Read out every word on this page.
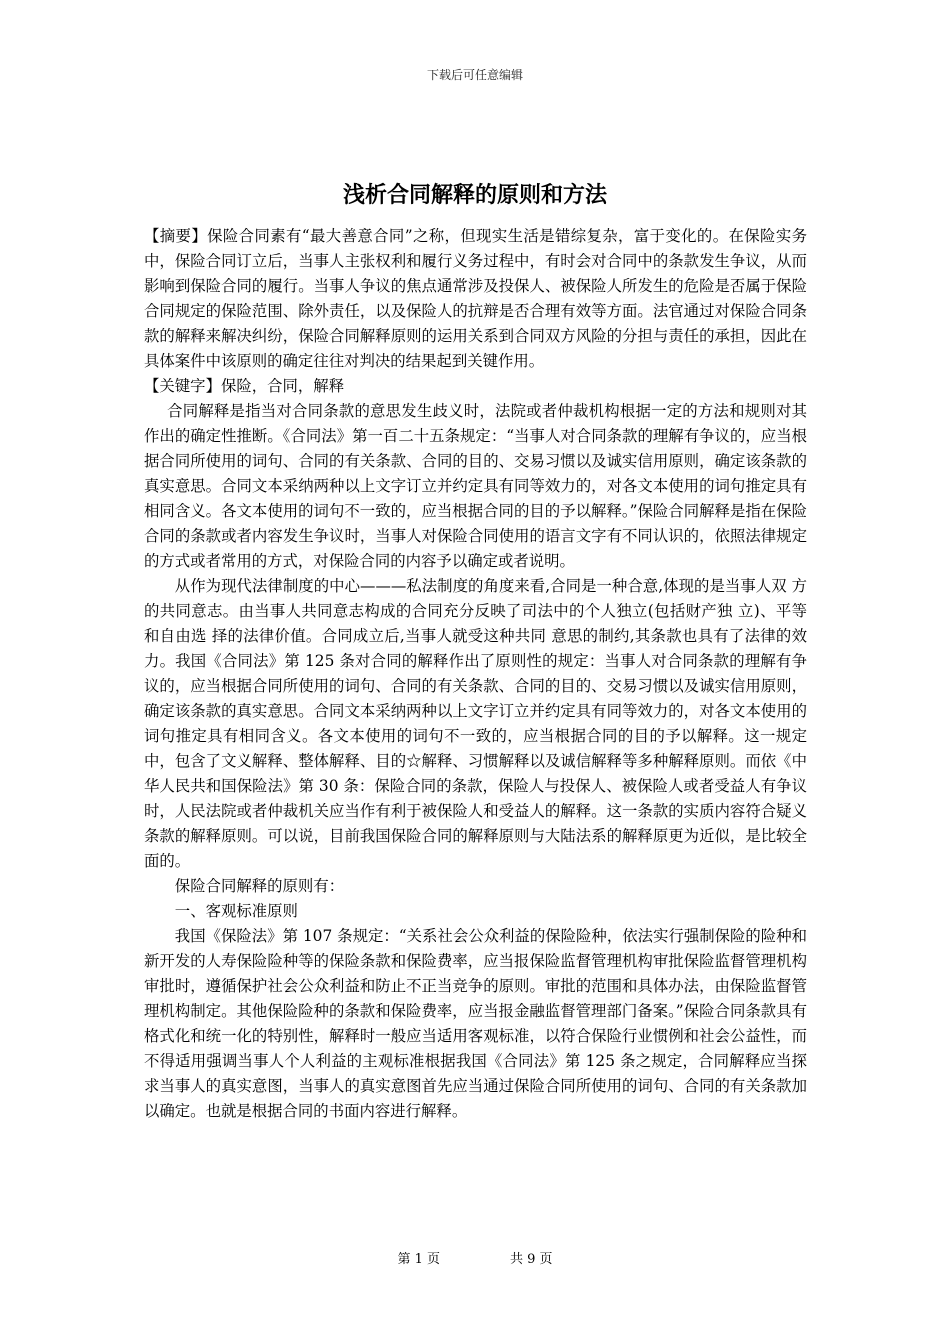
下载后可任意编辑
浅析合同解释的原则和方法

【摘要】保险合同素有“最大善意合同”之称，但现实生活是错综复杂，富于变化的。在保险实务中，保险合同订立后，当事人主张权利和履行义务过程中，有时会对合同中的条款发生争议，从而影响到保险合同的履行。当事人争议的焦点通常涉及投保人、被保险人所发生的危险是否属于保险合同规定的保险范围、除外责任，以及保险人的抗辩是否合理有效等方面。法官通过对保险合同条款的解释来解决纠纷，保险合同解释原则的运用关系到合同双方风险的分担与责任的承担，因此在具体案件中该原则的确定往往对判决的结果起到关键作用。

【关键字】保险，合同，解释

合同解释是指当对合同条款的意思发生歧义时，法院或者仲裁机构根据一定的方法和规则对其作出的确定性推断。《合同法》第一百二十五条规定：“当事人对合同条款的理解有争议的，应当根据合同所使用的词句、合同的有关条款、合同的目的、交易习惯以及诚实信用原则，确定该条款的真实意思。合同文本采纳两种以上文字订立并约定具有同等效力的，对各文本使用的词句推定具有相同含义。各文本使用的词句不一致的，应当根据合同的目的予以解释。”保险合同解释是指在保险合同的条款或者内容发生争议时，当事人对保险合同使用的语言文字有不同认识的，依照法律规定的方式或者常用的方式，对保险合同的内容予以确定或者说明。

从作为现代法律制度的中心———私法制度的角度来看,合同是一种合意,体现的是当事人双 方的共同意志。由当事人共同意志构成的合同充分反映了司法中的个人独立(包括财产独 立)、平等和自由选 择的法律价值。合同成立后,当事人就受这种共同 意思的制约,其条款也具有了法律的效力。我国《合同法》第 125 条对合同的解释作出了原则性的规定：当事人对合同条款的理解有争议的，应当根据合同所使用的词句、合同的有关条款、合同的目的、交易习惯以及诚实信用原则，确定该条款的真实意思。合同文本采纳两种以上文字订立并约定具有同等效力的，对各文本使用的词句推定具有相同含义。各文本使用的词句不一致的，应当根据合同的目的予以解释。这一规定中，包含了文义解释、整体解释、目的☆解释、习惯解释以及诚信解释等多种解释原则。而依《中华人民共和国保险法》第 30 条：保险合同的条款，保险人与投保人、被保险人或者受益人有争议时，人民法院或者仲裁机关应当作有利于被保险人和受益人的解释。这一条款的实质内容符合疑义条款的解释原则。可以说，目前我国保险合同的解释原则与大陆法系的解释原更为近似，是比较全面的。

保险合同解释的原则有：

一、客观标准原则

我国《保险法》第 107 条规定：“关系社会公众利益的保险险种，依法实行强制保险的险种和新开发的人寿保险险种等的保险条款和保险费率，应当报保险监督管理机构审批保险监督管理机构审批时，遵循保护社会公众利益和防止不正当竞争的原则。审批的范围和具体办法，由保险监督管理机构制定。其他保险险种的条款和保险费率，应当报金融监督管理部门备案。”保险合同条款具有格式化和统一化的特别性，解释时一般应当适用客观标准，以符合保险行业惯例和社会公益性，而不得适用强调当事人个人利益的主观标准根据我国《合同法》第 125 条之规定，合同解释应当探求当事人的真实意图，当事人的真实意图首先应当通过保险合同所使用的词句、合同的有关条款加以确定。也就是根据合同的书面内容进行解释。

第 1 页	共 9 页
